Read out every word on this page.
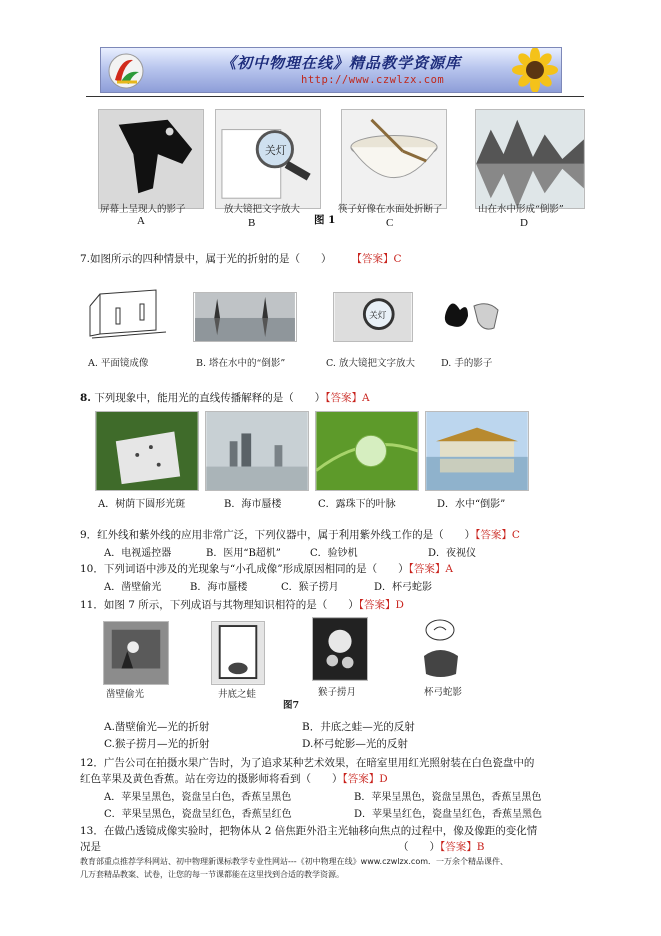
《初中物理在线》精品教学资源库
http://www.czwlzx.com
关灯
屏幕上呈现人的影子	放大镜把文字放大	筷子好像在水面处折断了	山在水中形成“倒影”
A	B	图 1	C	D
7.如图所示的四种情景中，属于光的折射的是（　　） 【答案】C
关灯
A. 平面镜成像	B. 塔在水中的“倒影”	C. 放大镜把文字放大	D. 手的影子
8. 下列现象中，能用光的直线传播解释的是（　　）【答案】A
A．树荫下圆形光斑	B．海市蜃楼	C．露珠下的叶脉	D．水中“倒影”
9．红外线和紫外线的应用非常广泛，下列仪器中，属于利用紫外线工作的是（　　）【答案】C
A．电视遥控器	B．医用“B超机”	C．验钞机	D．夜视仪
10．下列词语中涉及的光现象与“小孔成像”形成原因相同的是（　　）【答案】A
A．凿壁偷光	B．海市蜃楼	C．猴子捞月	D．杯弓蛇影
11．如图 7 所示，下列成语与其物理知识相符的是（　　）【答案】D
凿壁偷光	井底之蛙	猴子捞月	杯弓蛇影
图7
A.凿壁偷光—光的折射	B．井底之蛙—光的反射
C.猴子捞月—光的折射	D.杯弓蛇影—光的反射
12．广告公司在拍摄水果广告时，为了追求某种艺术效果，在暗室里用红光照射装在白色瓷盘中的
红色苹果及黄色香蕉。站在旁边的摄影师将看到（　　）【答案】D
A．苹果呈黑色，瓷盘呈白色，香蕉呈黑色	B．苹果呈黑色，瓷盘呈黑色，香蕉呈黑色
C．苹果呈黑色，瓷盘呈红色，香蕉呈红色	D．苹果呈红色，瓷盘呈红色，香蕉呈黑色
13．在做凸透镜成像实验时，把物体从 2 倍焦距外沿主光轴移向焦点的过程中，像及像距的变化情
况是	（　　）【答案】B
教育部重点推荐学科网站、初中物理新课标教学专业性网站---《初中物理在线》www.czwlzx.com．一万余个精品课件、
几万套精品教案、试卷，让您的每一节课都能在这里找到合适的教学资源。
